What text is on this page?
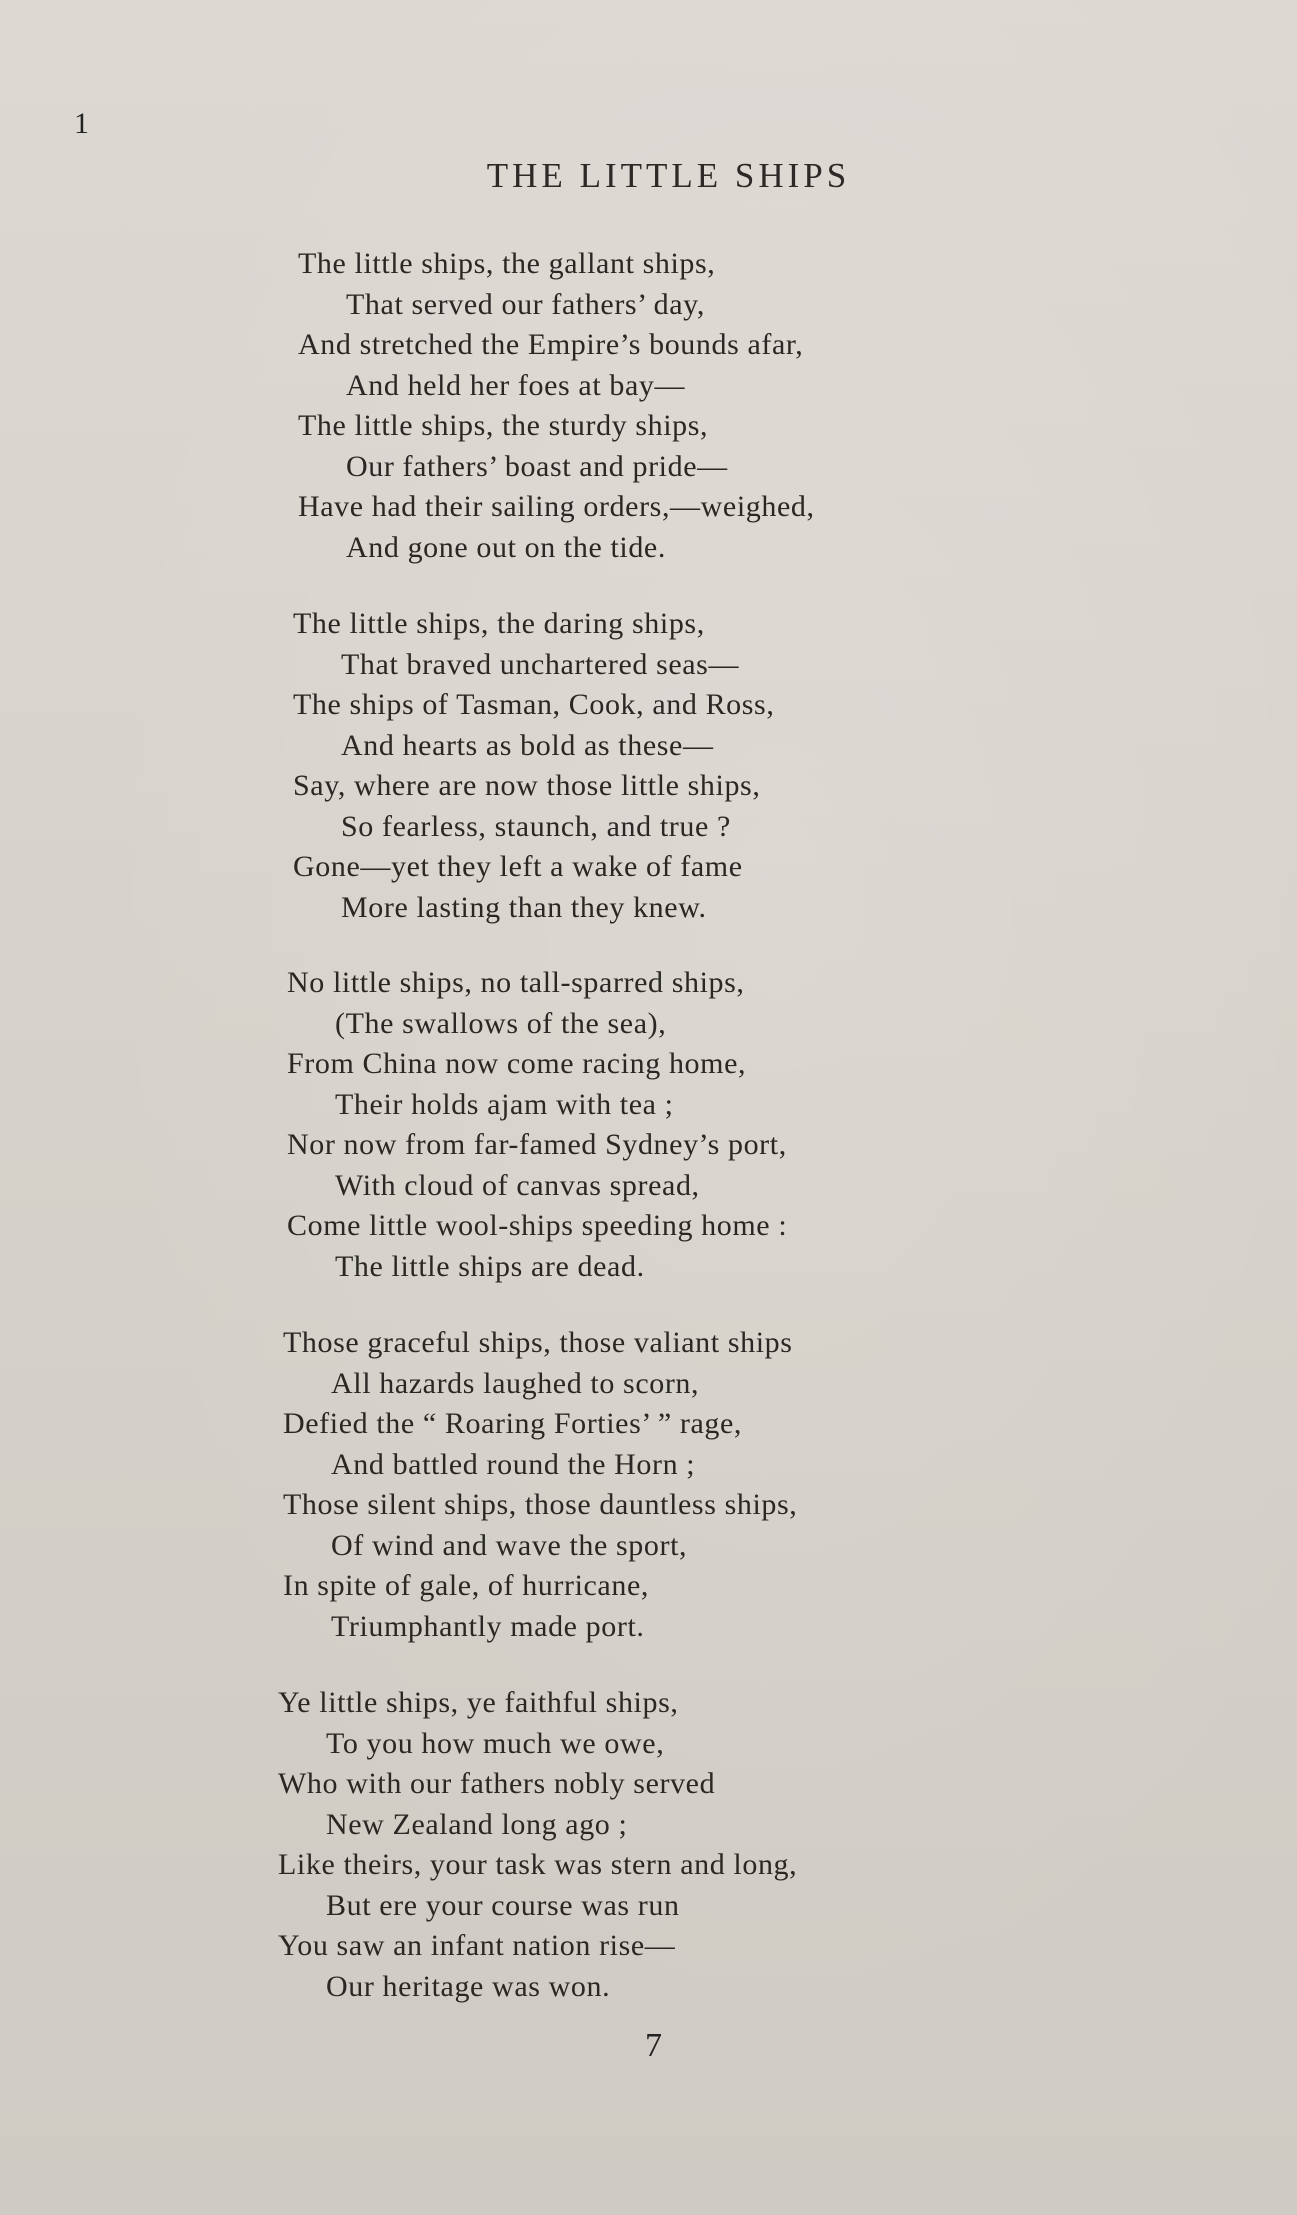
1
THE LITTLE SHIPS
The little ships, the gallant ships,
That served our fathers’ day,
And stretched the Empire’s bounds afar,
And held her foes at bay—
The little ships, the sturdy ships,
Our fathers’ boast and pride—
Have had their sailing orders,—weighed,
And gone out on the tide.
The little ships, the daring ships,
That braved unchartered seas—
The ships of Tasman, Cook, and Ross,
And hearts as bold as these—
Say, where are now those little ships,
So fearless, staunch, and true ?
Gone—yet they left a wake of fame
More lasting than they knew.
No little ships, no tall-sparred ships,
(The swallows of the sea),
From China now come racing home,
Their holds ajam with tea ;
Nor now from far-famed Sydney’s port,
With cloud of canvas spread,
Come little wool-ships speeding home :
The little ships are dead.
Those graceful ships, those valiant ships
All hazards laughed to scorn,
Defied the “ Roaring Forties’ ” rage,
And battled round the Horn ;
Those silent ships, those dauntless ships,
Of wind and wave the sport,
In spite of gale, of hurricane,
Triumphantly made port.
Ye little ships, ye faithful ships,
To you how much we owe,
Who with our fathers nobly served
New Zealand long ago ;
Like theirs, your task was stern and long,
But ere your course was run
You saw an infant nation rise—
Our heritage was won.
7
